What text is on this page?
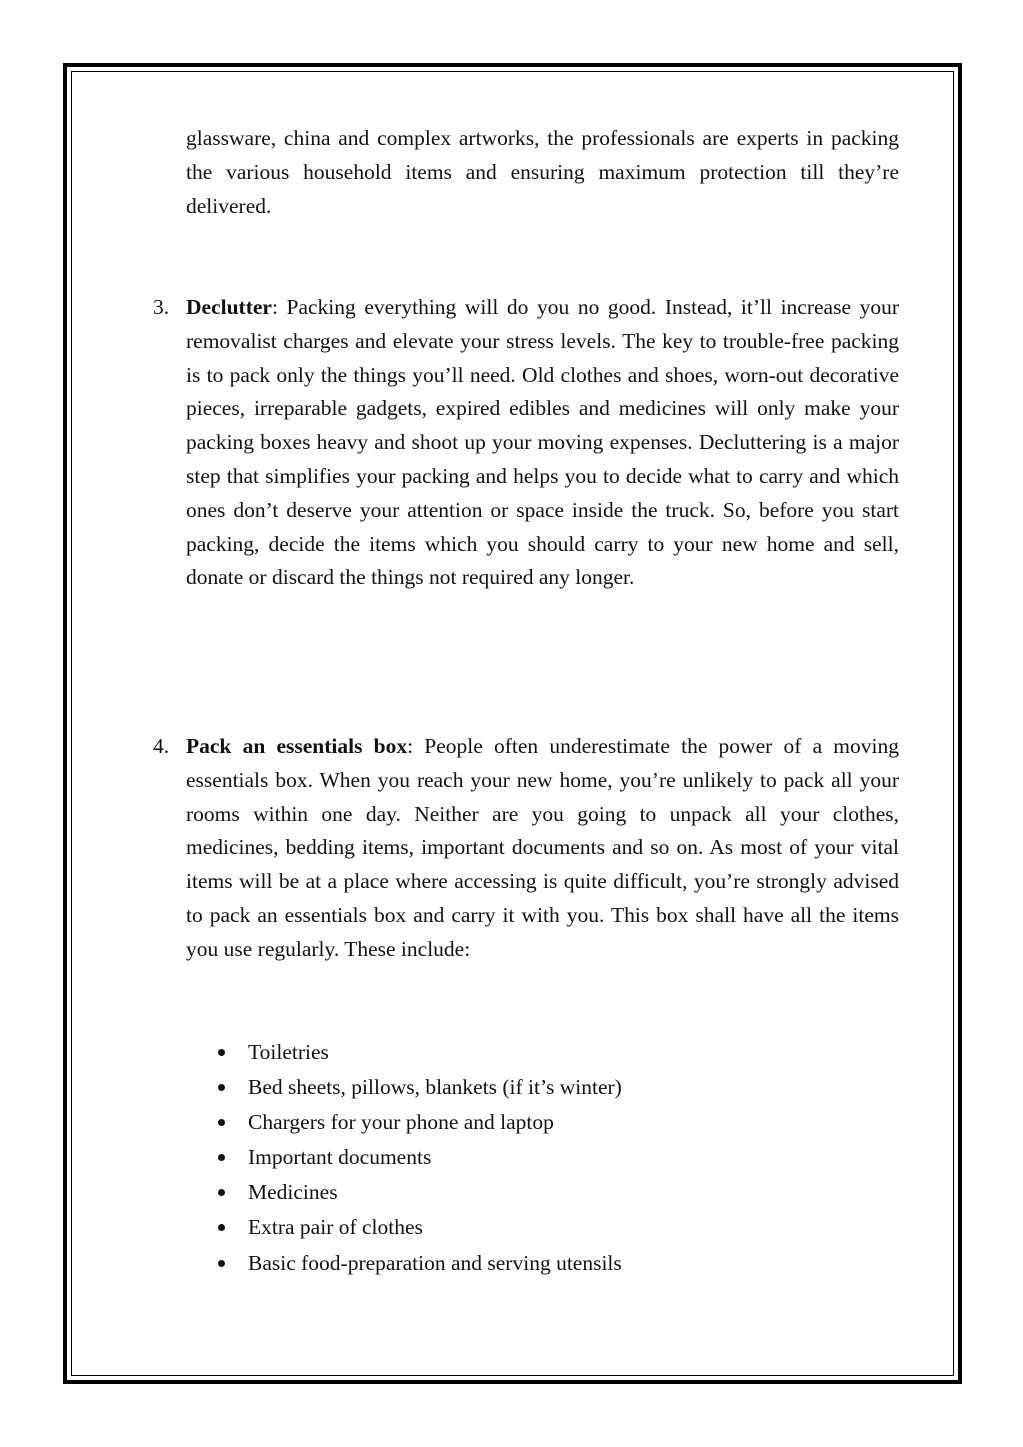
glassware, china and complex artworks, the professionals are experts in packing the various household items and ensuring maximum protection till they’re delivered.

3. Declutter: Packing everything will do you no good. Instead, it’ll increase your removalist charges and elevate your stress levels. The key to trouble-free packing is to pack only the things you’ll need. Old clothes and shoes, worn-out decorative pieces, irreparable gadgets, expired edibles and medicines will only make your packing boxes heavy and shoot up your moving expenses. Decluttering is a major step that simplifies your packing and helps you to decide what to carry and which ones don’t deserve your attention or space inside the truck. So, before you start packing, decide the items which you should carry to your new home and sell, donate or discard the things not required any longer.
4. Pack an essentials box: People often underestimate the power of a moving essentials box. When you reach your new home, you’re unlikely to pack all your rooms within one day. Neither are you going to unpack all your clothes, medicines, bedding items, important documents and so on. As most of your vital items will be at a place where accessing is quite difficult, you’re strongly advised to pack an essentials box and carry it with you. This box shall have all the items you use regularly. These include:
Toiletries
Bed sheets, pillows, blankets (if it’s winter)
Chargers for your phone and laptop
Important documents
Medicines
Extra pair of clothes
Basic food-preparation and serving utensils
